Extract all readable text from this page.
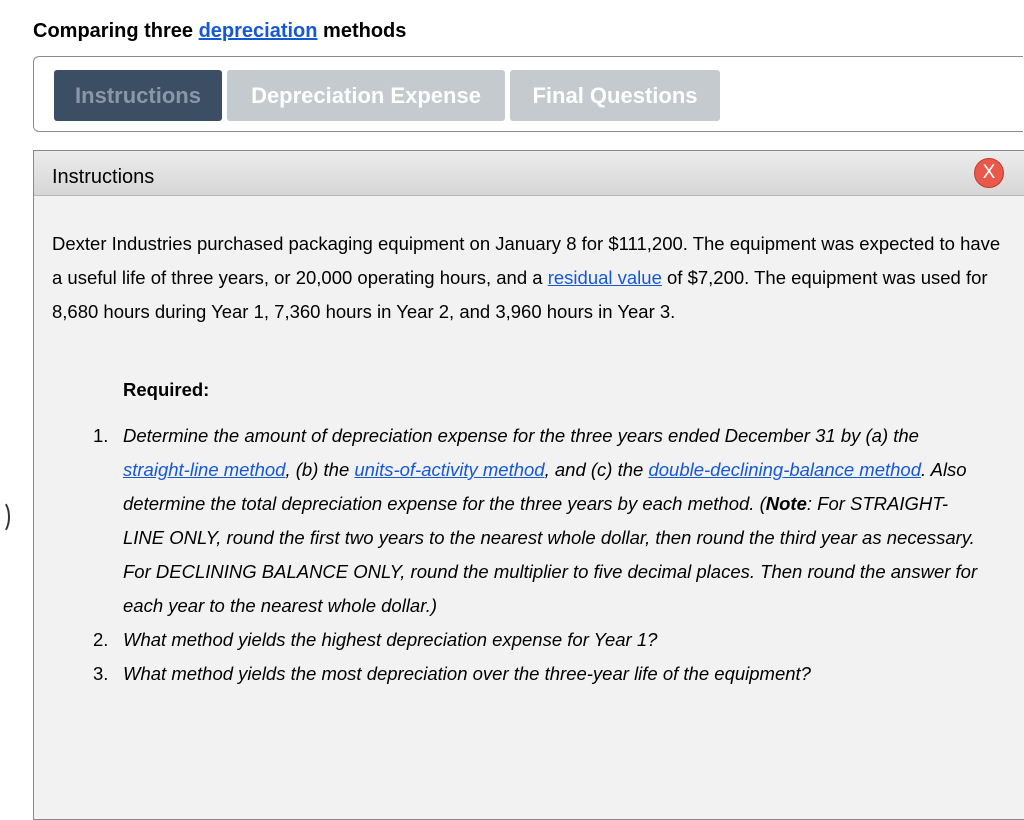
Comparing three depreciation methods
Instructions	Depreciation Expense	Final Questions
Instructions	X
Dexter Industries purchased packaging equipment on January 8 for $111,200. The equipment was expected to have a useful life of three years, or 20,000 operating hours, and a residual value of $7,200. The equipment was used for 8,680 hours during Year 1, 7,360 hours in Year 2, and 3,960 hours in Year 3.
Required:
1. Determine the amount of depreciation expense for the three years ended December 31 by (a) the straight-line method, (b) the units-of-activity method, and (c) the double-declining-balance method. Also determine the total depreciation expense for the three years by each method. (Note: For STRAIGHT-LINE ONLY, round the first two years to the nearest whole dollar, then round the third year as necessary. For DECLINING BALANCE ONLY, round the multiplier to five decimal places. Then round the answer for each year to the nearest whole dollar.)
2. What method yields the highest depreciation expense for Year 1?
3. What method yields the most depreciation over the three-year life of the equipment?
